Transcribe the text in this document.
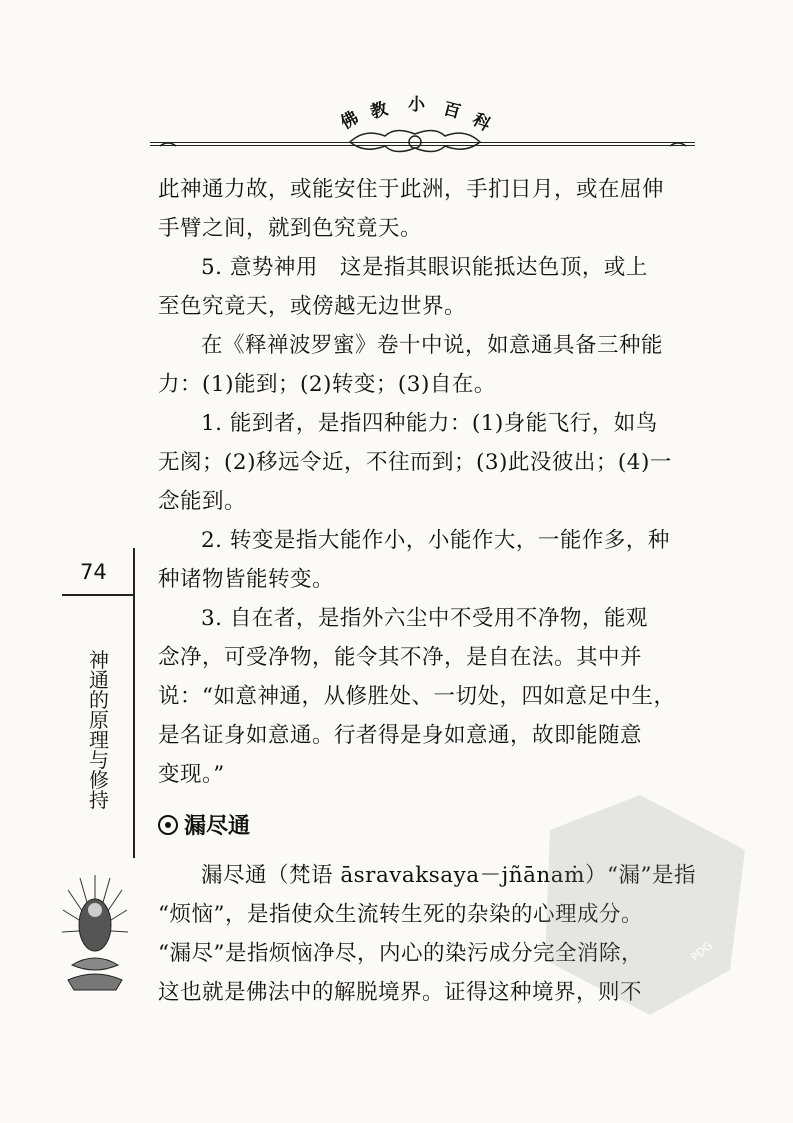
佛 教 小 百 科
74
神通的原理与修持
此神通力故，或能安住于此洲，手扪日月，或在屈伸
手臂之间，就到色究竟天。
5. 意势神用　这是指其眼识能抵达色顶，或上
至色究竟天，或傍越无边世界。
在《释禅波罗蜜》卷十中说，如意通具备三种能
力：(1)能到；(2)转变；(3)自在。
1. 能到者，是指四种能力：(1)身能飞行，如鸟
无阂；(2)移远令近，不往而到；(3)此没彼出；(4)一
念能到。
2. 转变是指大能作小，小能作大，一能作多，种
种诸物皆能转变。
3. 自在者，是指外六尘中不受用不净物，能观
念净，可受净物，能令其不净，是自在法。其中并
说：“如意神通，从修胜处、一切处，四如意足中生，
是名证身如意通。行者得是身如意通，故即能随意
变现。”
漏尽通
漏尽通（梵语 āsravaksaya－jñānaṁ）“漏”是指
“烦恼”，是指使众生流转生死的杂染的心理成分。
“漏尽”是指烦恼净尽，内心的染污成分完全消除，
这也就是佛法中的解脱境界。证得这种境界，则不
PDG
